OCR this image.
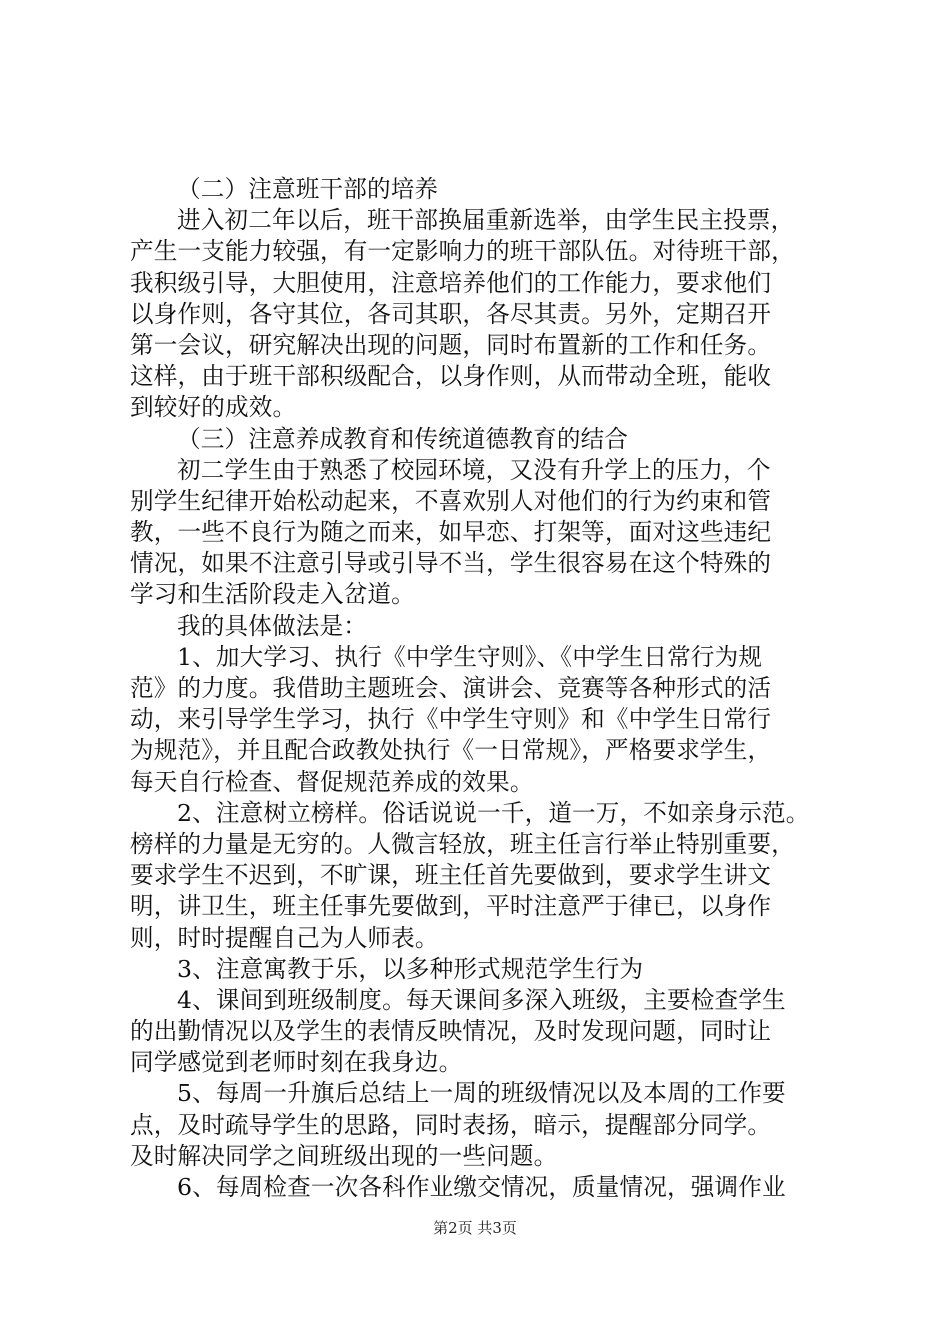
（二）注意班干部的培养
进入初二年以后，班干部换届重新选举，由学生民主投票，
产生一支能力较强，有一定影响力的班干部队伍。对待班干部，
我积级引导，大胆使用，注意培养他们的工作能力，要求他们
以身作则，各守其位，各司其职，各尽其责。另外，定期召开
第一会议，研究解决出现的问题，同时布置新的工作和任务。
这样，由于班干部积级配合，以身作则，从而带动全班，能收
到较好的成效。
（三）注意养成教育和传统道德教育的结合
初二学生由于熟悉了校园环境，又没有升学上的压力，个
别学生纪律开始松动起来，不喜欢别人对他们的行为约束和管
教，一些不良行为随之而来，如早恋、打架等，面对这些违纪
情况，如果不注意引导或引导不当，学生很容易在这个特殊的
学习和生活阶段走入岔道。
我的具体做法是：
1、加大学习、执行《中学生守则》、《中学生日常行为规
范》的力度。我借助主题班会、演讲会、竞赛等各种形式的活
动，来引导学生学习，执行《中学生守则》和《中学生日常行
为规范》，并且配合政教处执行《一日常规》，严格要求学生，
每天自行检查、督促规范养成的效果。
2、注意树立榜样。俗话说说一千，道一万，不如亲身示范。
榜样的力量是无穷的。人微言轻放，班主任言行举止特别重要，
要求学生不迟到，不旷课，班主任首先要做到，要求学生讲文
明，讲卫生，班主任事先要做到，平时注意严于律已，以身作
则，时时提醒自己为人师表。
3、注意寓教于乐，以多种形式规范学生行为
4、课间到班级制度。每天课间多深入班级，主要检查学生
的出勤情况以及学生的表情反映情况，及时发现问题，同时让
同学感觉到老师时刻在我身边。
5、每周一升旗后总结上一周的班级情况以及本周的工作要
点，及时疏导学生的思路，同时表扬，暗示，提醒部分同学。
及时解决同学之间班级出现的一些问题。
6、每周检查一次各科作业缴交情况，质量情况，强调作业
第2页 共3页
